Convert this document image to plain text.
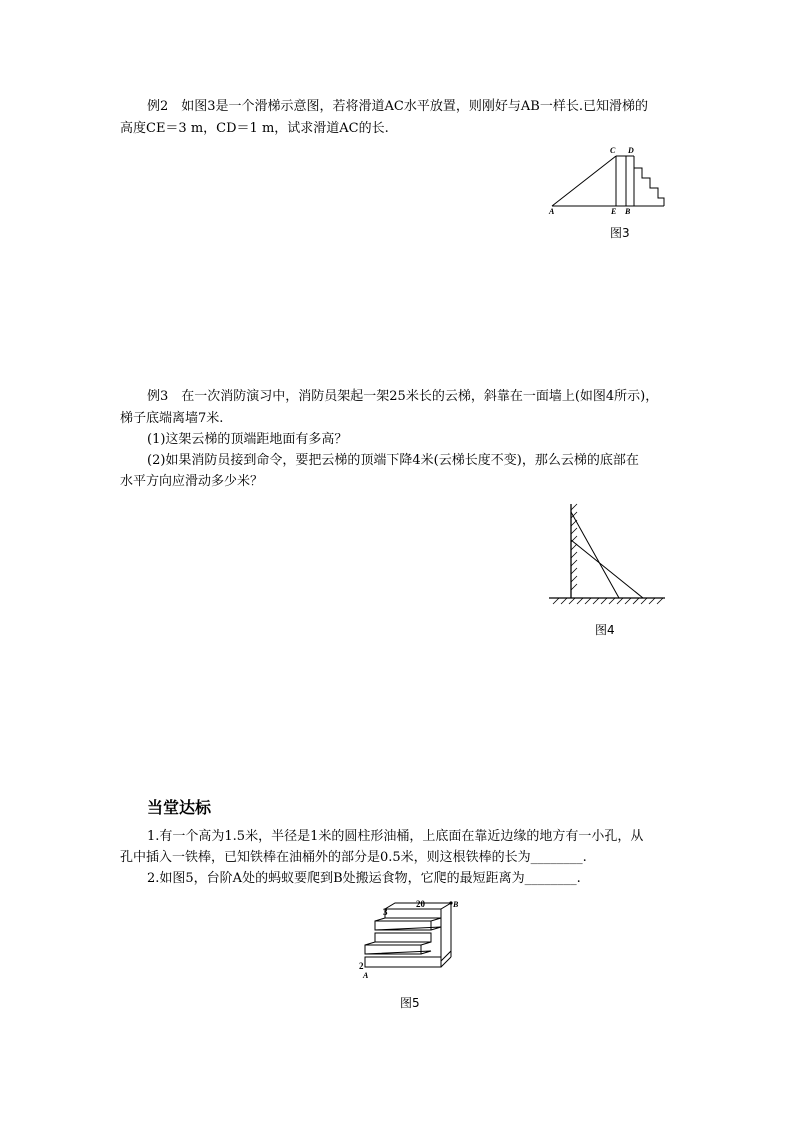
例2　如图3是一个滑梯示意图，若将滑道AC水平放置，则刚好与AB一样长.已知滑梯的
高度CE＝3 m，CD＝1 m，试求滑道AC的长.
C D
A	E B
图3
例3　在一次消防演习中，消防员架起一架25米长的云梯，斜靠在一面墙上(如图4所示)，
梯子底端离墙7米.
(1)这架云梯的顶端距地面有多高？
(2)如果消防员接到命令，要把云梯的顶端下降4米(云梯长度不变)，那么云梯的底部在
水平方向应滑动多少米？
图4
当堂达标
1.有一个高为1.5米，半径是1米的圆柱形油桶，上底面在靠近边缘的地方有一小孔，从
孔中插入一铁棒，已知铁棒在油桶外的部分是0.5米，则这根铁棒的长为________.
2.如图5，台阶A处的蚂蚁要爬到B处搬运食物，它爬的最短距离为________.
20
3
2
A
B
图5
